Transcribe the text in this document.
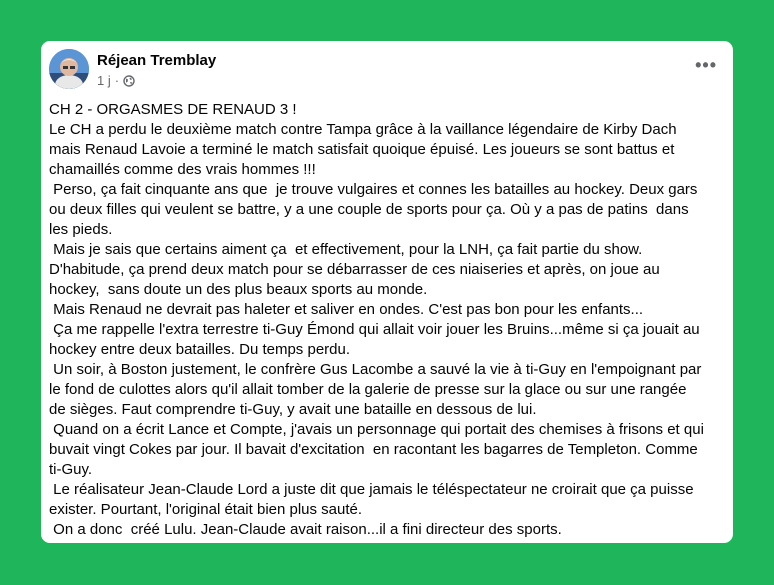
Réjean Tremblay
1 j ·
•••
CH 2 - ORGASMES DE RENAUD 3 !
Le CH a perdu le deuxième match contre Tampa grâce à la vaillance légendaire de Kirby Dach
mais Renaud Lavoie a terminé le match satisfait quoique épuisé. Les joueurs se sont battus et
chamaillés comme des vrais hommes !!!
Perso, ça fait cinquante ans que  je trouve vulgaires et connes les batailles au hockey. Deux gars
ou deux filles qui veulent se battre, y a une couple de sports pour ça. Où y a pas de patins  dans
les pieds.
Mais je sais que certains aiment ça  et effectivement, pour la LNH, ça fait partie du show.
D'habitude, ça prend deux match pour se débarrasser de ces niaiseries et après, on joue au
hockey,  sans doute un des plus beaux sports au monde.
Mais Renaud ne devrait pas haleter et saliver en ondes. C'est pas bon pour les enfants...
Ça me rappelle l'extra terrestre ti-Guy Émond qui allait voir jouer les Bruins...même si ça jouait au
hockey entre deux batailles. Du temps perdu.
Un soir, à Boston justement, le confrère Gus Lacombe a sauvé la vie à ti-Guy en l'empoignant par
le fond de culottes alors qu'il allait tomber de la galerie de presse sur la glace ou sur une rangée
de sièges. Faut comprendre ti-Guy, y avait une bataille en dessous de lui.
Quand on a écrit Lance et Compte, j'avais un personnage qui portait des chemises à frisons et qui
buvait vingt Cokes par jour. Il bavait d'excitation  en racontant les bagarres de Templeton. Comme
ti-Guy.
Le réalisateur Jean-Claude Lord a juste dit que jamais le téléspectateur ne croirait que ça puisse
exister. Pourtant, l'original était bien plus sauté.
On a donc  créé Lulu. Jean-Claude avait raison...il a fini directeur des sports.
